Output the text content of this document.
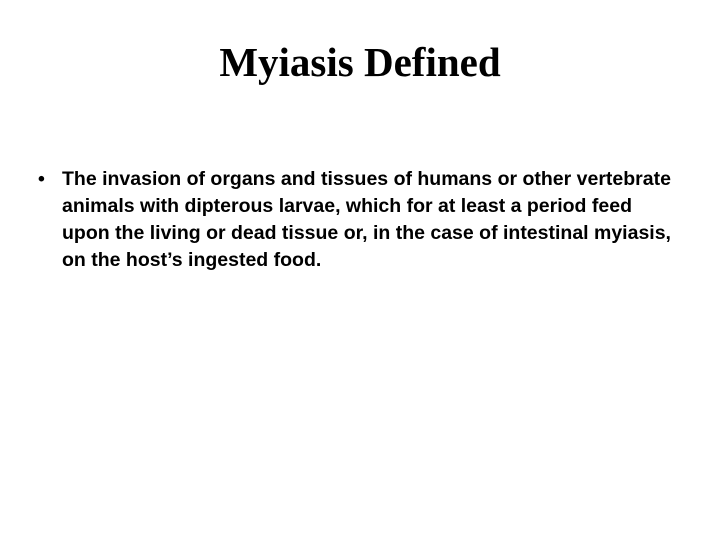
Myiasis Defined
• The invasion of organs and tissues of humans or other vertebrate animals with dipterous larvae, which for at least a period feed upon the living or dead tissue or, in the case of intestinal myiasis, on the host’s ingested food.
